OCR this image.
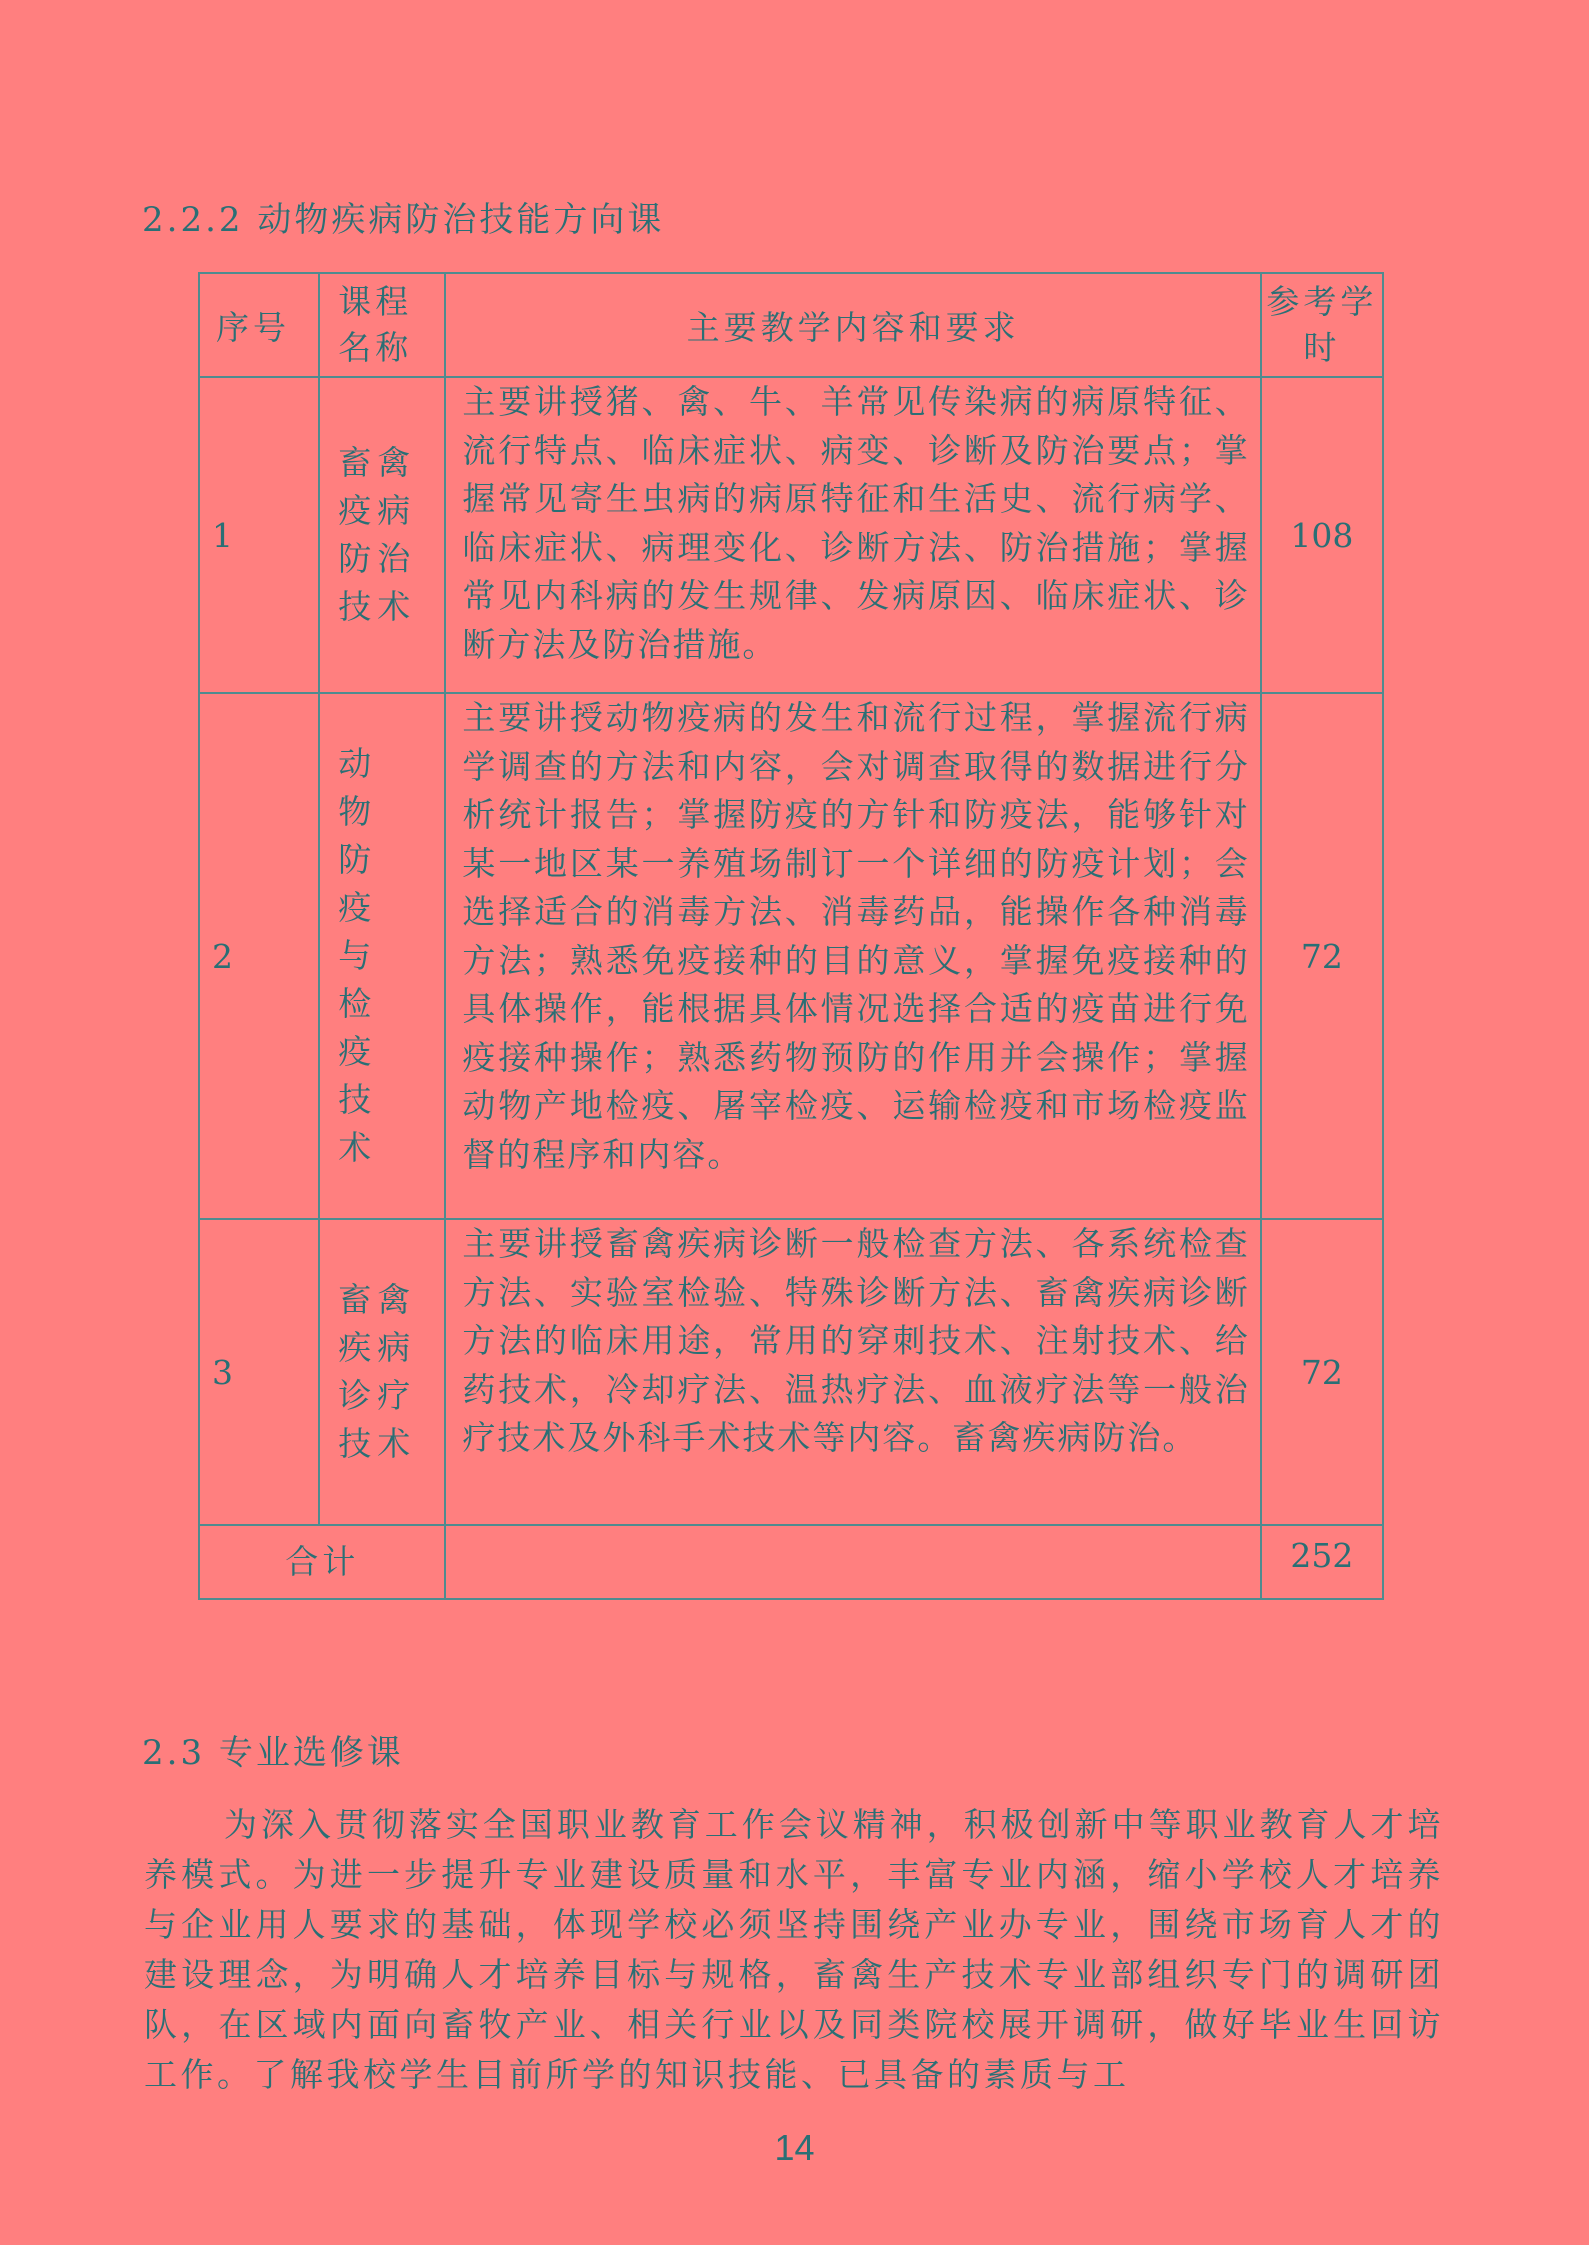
2.2.2 动物疾病防治技能方向课
序号	课程名称	主要教学内容和要求	参考学时
1	畜禽疫病防治技术	主要讲授猪、禽、牛、羊常见传染病的病原特征、流行特点、临床症状、病变、诊断及防治要点；掌握常见寄生虫病的病原特征和生活史、流行病学、临床症状、病理变化、诊断方法、防治措施；掌握常见内科病的发生规律、发病原因、临床症状、诊断方法及防治措施。	108
2	动物防疫与检疫技术	主要讲授动物疫病的发生和流行过程，掌握流行病学调查的方法和内容，会对调查取得的数据进行分析统计报告；掌握防疫的方针和防疫法，能够针对某一地区某一养殖场制订一个详细的防疫计划；会选择适合的消毒方法、消毒药品，能操作各种消毒方法；熟悉免疫接种的目的意义，掌握免疫接种的具体操作，能根据具体情况选择合适的疫苗进行免疫接种操作；熟悉药物预防的作用并会操作；掌握动物产地检疫、屠宰检疫、运输检疫和市场检疫监督的程序和内容。	72
3	畜禽疾病诊疗技术	主要讲授畜禽疾病诊断一般检查方法、各系统检查方法、实验室检验、特殊诊断方法、畜禽疾病诊断方法的临床用途，常用的穿刺技术、注射技术、给药技术，冷却疗法、温热疗法、血液疗法等一般治疗技术及外科手术技术等内容。畜禽疾病防治。	72
合计			252
2.3 专业选修课
为深入贯彻落实全国职业教育工作会议精神，积极创新中等职业教育人才培养模式。为进一步提升专业建设质量和水平，丰富专业内涵，缩小学校人才培养与企业用人要求的基础，体现学校必须坚持围绕产业办专业，围绕市场育人才的建设理念，为明确人才培养目标与规格，畜禽生产技术专业部组织专门的调研团队，在区域内面向畜牧产业、相关行业以及同类院校展开调研，做好毕业生回访工作。了解我校学生目前所学的知识技能、已具备的素质与工
14
